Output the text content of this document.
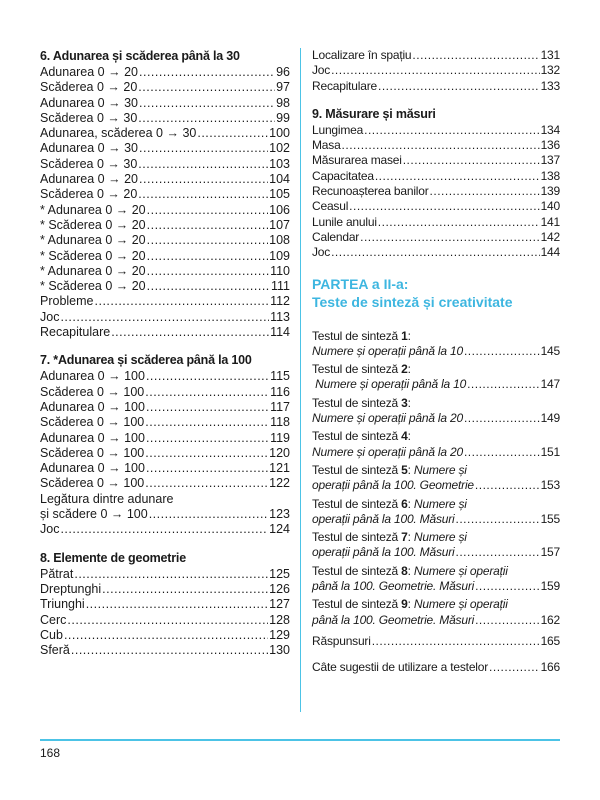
6. Adunarea și scăderea până la 30
Adunarea 0 → 20 .....	96
Scăderea 0 → 20 .....	97
Adunarea 0 → 30 .....	98
Scăderea 0 → 30 .....	99
Adunarea, scăderea 0 → 30 .....	100
Adunarea 0 → 30 .....	102
Scăderea 0 → 30 .....	103
Adunarea 0 → 20 .....	104
Scăderea 0 → 20 .....	105
* Adunarea 0 → 20 .....	106
* Scăderea 0 → 20 .....	107
* Adunarea 0 → 20 .....	108
* Scăderea 0 → 20 .....	109
* Adunarea 0 → 20 .....	110
* Scăderea 0 → 20 .....	111
Probleme .....	112
Joc .....	113
Recapitulare .....	114
7. *Adunarea și scăderea până la 100
Adunarea 0 → 100 .....	115
Scăderea 0 → 100 .....	116
Adunarea 0 → 100 .....	117
Scăderea 0 → 100 .....	118
Adunarea 0 → 100 .....	119
Scăderea 0 → 100 .....	120
Adunarea 0 → 100 .....	121
Scăderea 0 → 100 .....	122
Legătura dintre adunare
și scădere 0 → 100 .....	123
Joc .....	124
8. Elemente de geometrie
Pătrat .....	125
Dreptunghi .....	126
Triunghi .....	127
Cerc .....	128
Cub .....	129
Sferă .....	130
Localizare în spațiu .....	131
Joc .....	132
Recapitulare .....	133
9. Măsurare și măsuri
Lungimea .....	134
Masa .....	136
Măsurarea masei .....	137
Capacitatea .....	138
Recunoașterea banilor .....	139
Ceasul .....	140
Lunile anului .....	141
Calendar .....	142
Joc .....	144
PARTEA a II-a:
Teste de sinteză și creativitate
Testul de sinteză 1:
Numere și operații până la 10 .....	145
Testul de sinteză 2:
Numere și operații până la 10 .....	147
Testul de sinteză 3:
Numere și operații până la 20 .....	149
Testul de sinteză 4:
Numere și operații până la 20 .....	151
Testul de sinteză 5: Numere și
operații până la 100. Geometrie .....	153
Testul de sinteză 6: Numere și
operații până la 100. Măsuri .....	155
Testul de sinteză 7: Numere și
operații până la 100. Măsuri .....	157
Testul de sinteză 8: Numere și operații
până la 100. Geometrie. Măsuri .....	159
Testul de sinteză 9: Numere și operații
până la 100. Geometrie. Măsuri .....	162
Răspunsuri .....	165
Câte sugestii de utilizare a testelor .....	166
168
